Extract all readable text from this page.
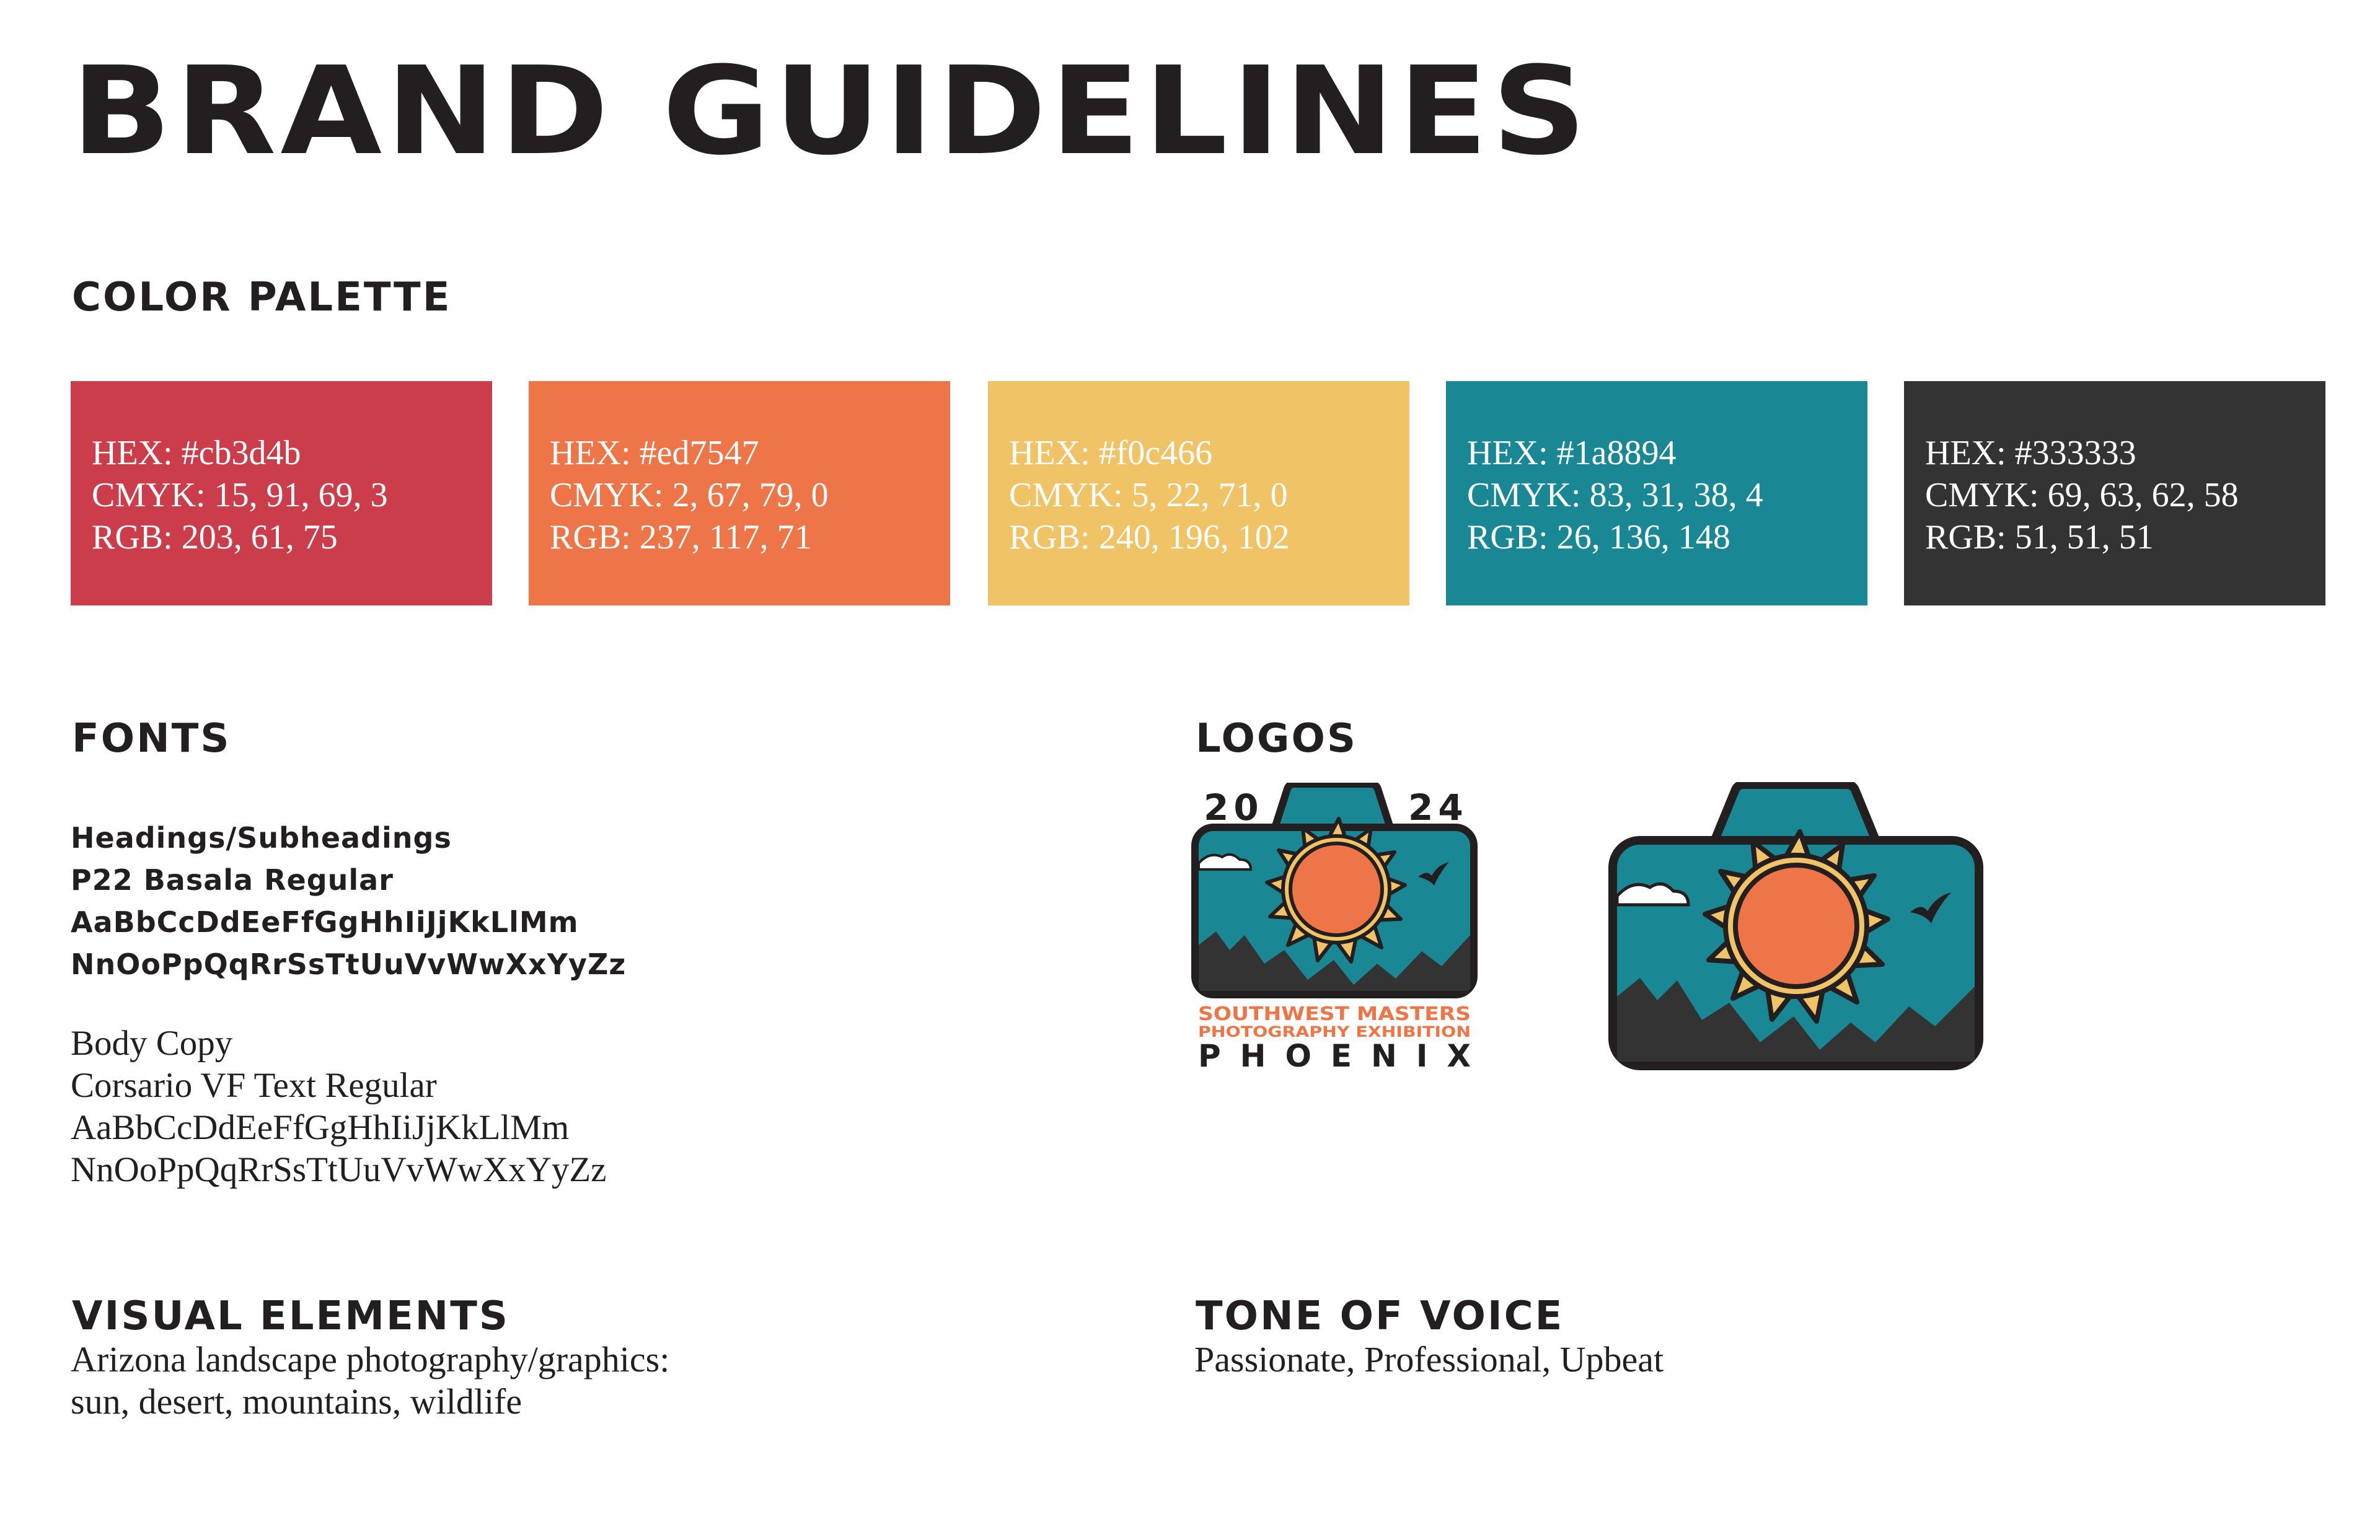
BRAND GUIDELINES
COLOR PALETTE
HEX: #cb3d4b
CMYK: 15, 91, 69, 3
RGB: 203, 61, 75
HEX: #ed7547
CMYK: 2, 67, 79, 0
RGB: 237, 117, 71
HEX: #f0c466
CMYK: 5, 22, 71, 0
RGB: 240, 196, 102
HEX: #1a8894
CMYK: 83, 31, 38, 4
RGB: 26, 136, 148
HEX: #333333
CMYK: 69, 63, 62, 58
RGB: 51, 51, 51
FONTS
Headings/Subheadings
P22 Basala Regular
AaBbCcDdEeFfGgHhIiJjKkLlMm
NnOoPpQqRrSsTtUuVvWwXxYyZz
Body Copy
Corsario VF Text Regular
AaBbCcDdEeFfGgHhIiJjKkLlMm
NnOoPpQqRrSsTtUuVvWwXxYyZz
LOGOS
20	24
SOUTHWEST MASTERS
PHOTOGRAPHY EXHIBITION
PHOENIX
VISUAL ELEMENTS
Arizona landscape photography/graphics:
sun, desert, mountains, wildlife
TONE OF VOICE
Passionate, Professional, Upbeat
